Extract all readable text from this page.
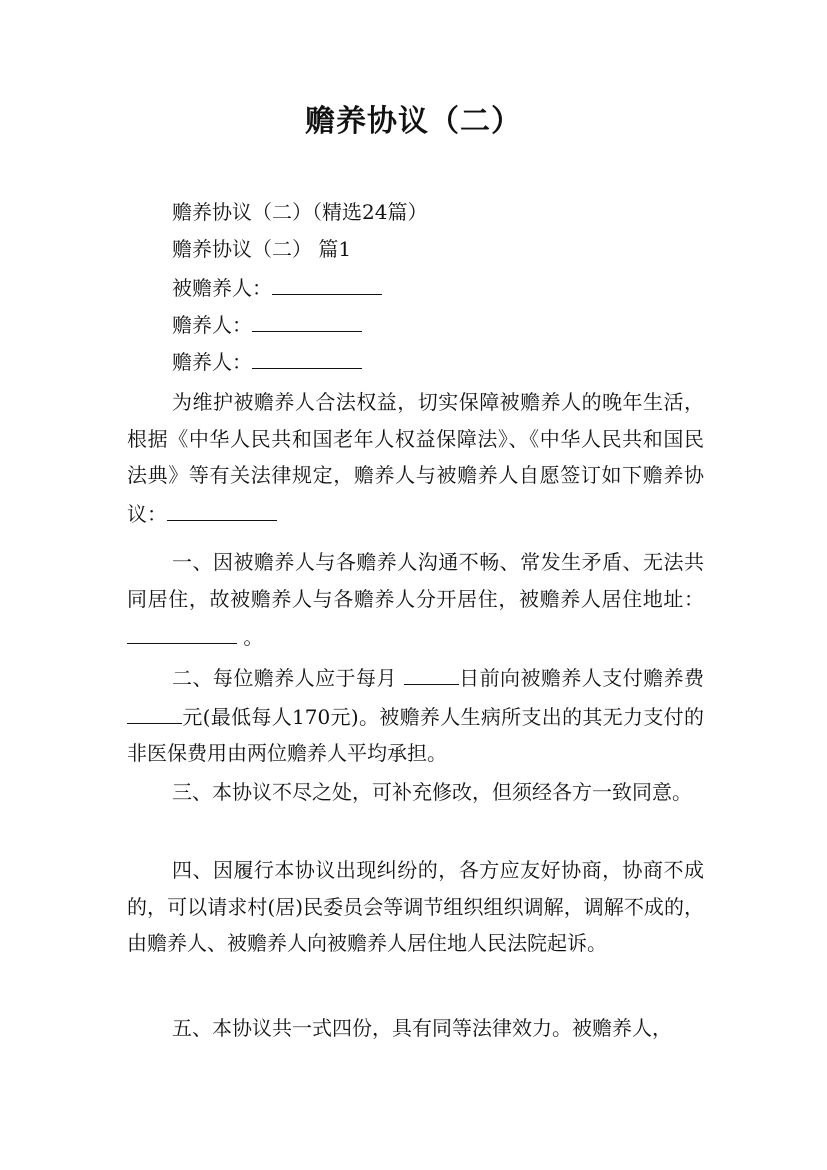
赡养协议（二）

赡养协议（二）（精选24篇）

赡养协议（二） 篇1

被赡养人：

赡养人：

赡养人：

为维护被赡养人合法权益，切实保障被赡养人的晚年生活，根据《中华人民共和国老年人权益保障法》、《中华人民共和国民法典》等有关法律规定，赡养人与被赡养人自愿签订如下赡养协议：

一、因被赡养人与各赡养人沟通不畅、常发生矛盾、无法共同居住，故被赡养人与各赡养人分开居住，被赡养人居住地址： 。

二、每位赡养人应于每月	日前向被赡养人支付赡养费 元(最低每人170元)。被赡养人生病所支出的其无力支付的非医保费用由两位赡养人平均承担。

三、本协议不尽之处，可补充修改，但须经各方一致同意。

四、因履行本协议出现纠纷的，各方应友好协商，协商不成的，可以请求村(居)民委员会等调节组织组织调解，调解不成的，由赡养人、被赡养人向被赡养人居住地人民法院起诉。

五、本协议共一式四份，具有同等法律效力。被赡养人，
